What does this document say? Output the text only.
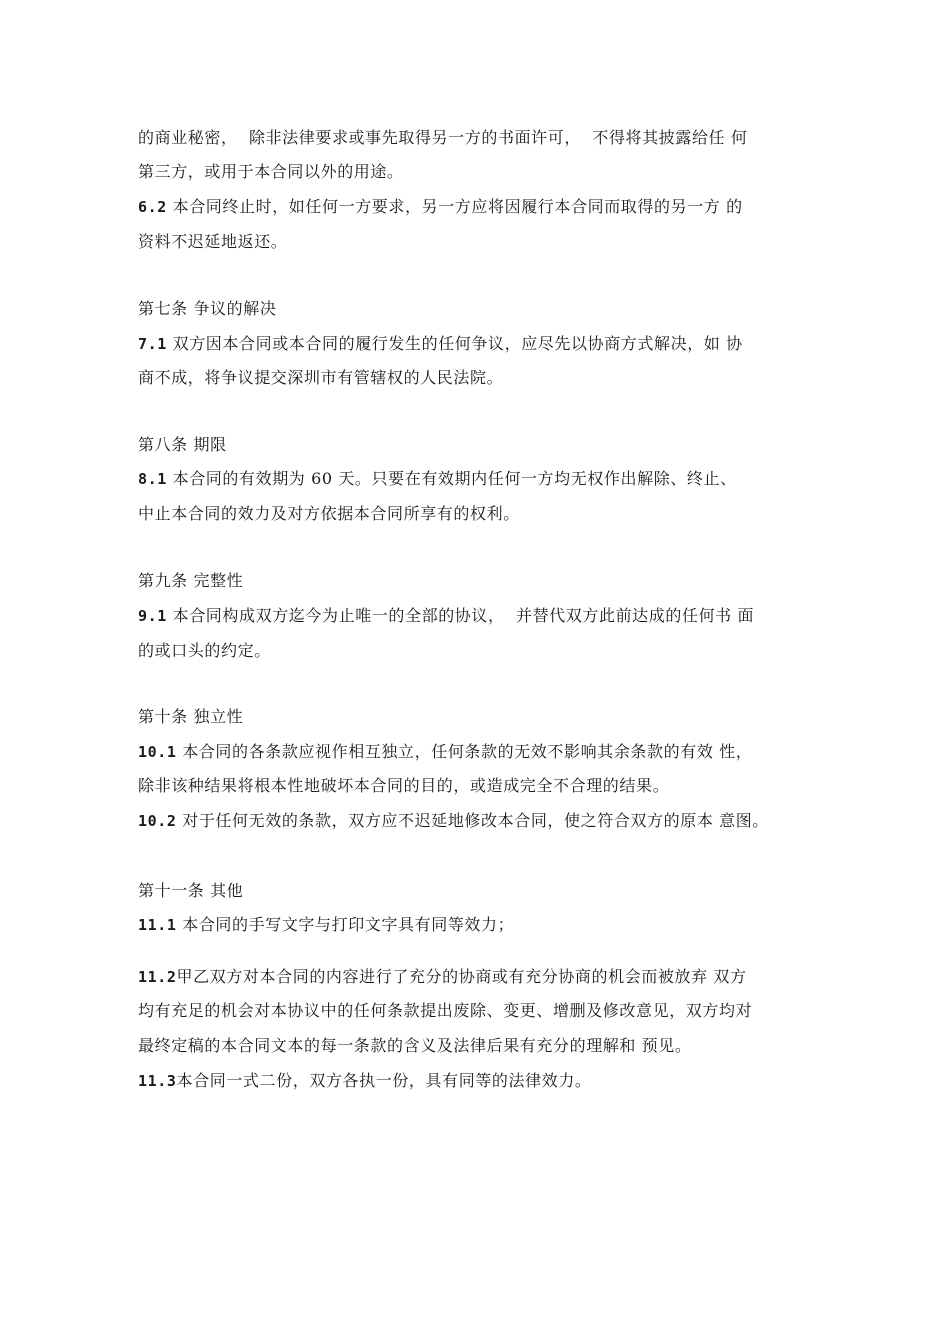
的商业秘密，  除非法律要求或事先取得另一方的书面许可，  不得将其披露给任 何
第三方，或用于本合同以外的用途。
6.2 本合同终止时，如任何一方要求，另一方应将因履行本合同而取得的另一方 的
资料不迟延地返还。
第七条 争议的解决
7.1 双方因本合同或本合同的履行发生的任何争议，应尽先以协商方式解决，如 协
商不成，将争议提交深圳市有管辖权的人民法院。
第八条 期限
8.1 本合同的有效期为 60 天。只要在有效期内任何一方均无权作出解除、终止、
中止本合同的效力及对方依据本合同所享有的权利。
第九条 完整性
9.1 本合同构成双方迄今为止唯一的全部的协议，  并替代双方此前达成的任何书 面
的或口头的约定。
第十条 独立性
10.1 本合同的各条款应视作相互独立，任何条款的无效不影响其余条款的有效 性，
除非该种结果将根本性地破坏本合同的目的，或造成完全不合理的结果。
10.2 对于任何无效的条款，双方应不迟延地修改本合同，使之符合双方的原本 意图。
第十一条 其他
11.1 本合同的手写文字与打印文字具有同等效力；
11.2甲乙双方对本合同的内容进行了充分的协商或有充分协商的机会而被放弃 双方
均有充足的机会对本协议中的任何条款提出废除、变更、增删及修改意见，双方均对
最终定稿的本合同文本的每一条款的含义及法律后果有充分的理解和 预见。
11.3本合同一式二份，双方各执一份，具有同等的法律效力。
